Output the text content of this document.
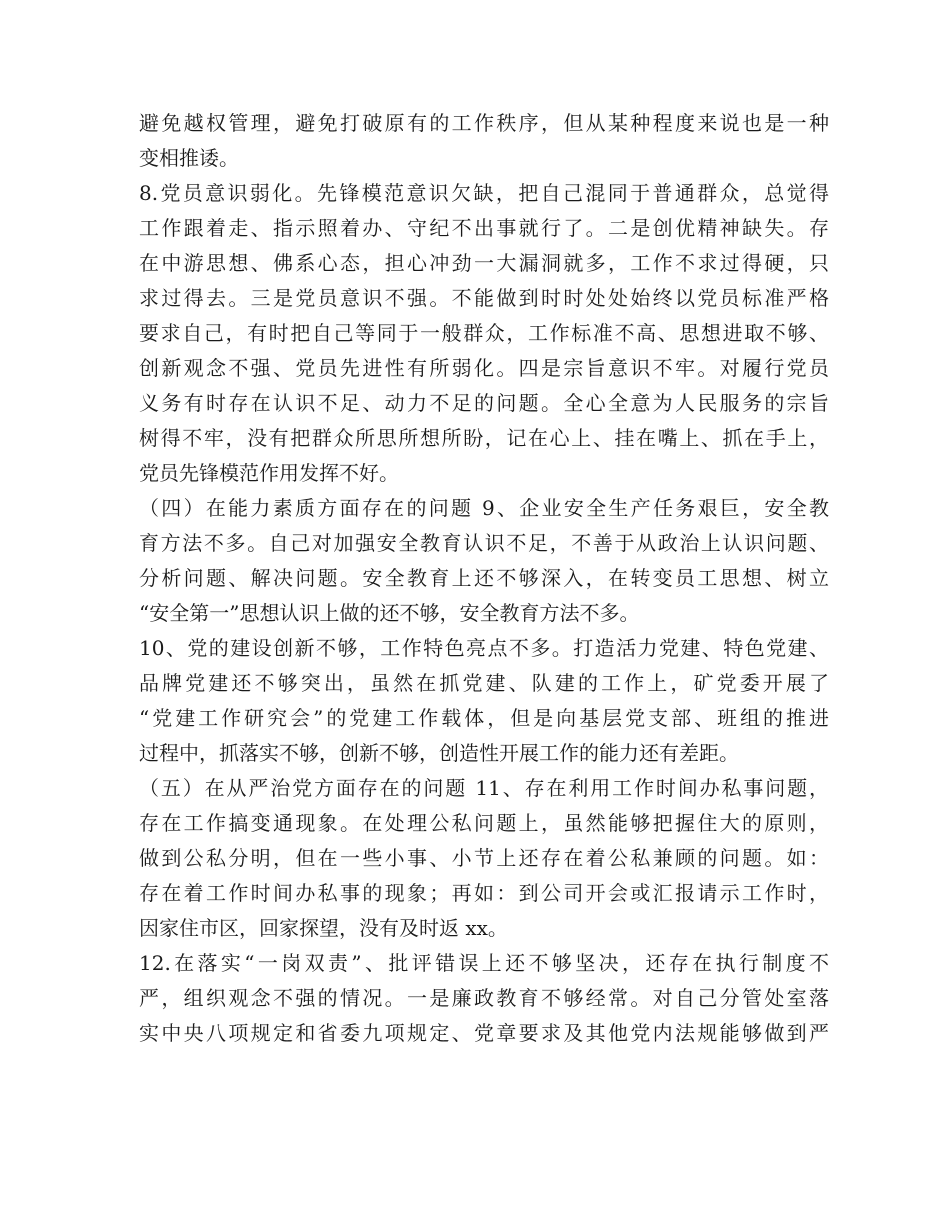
避免越权管理，避免打破原有的工作秩序，但从某种程度来说也是一种
变相推诿。
8.党员意识弱化。先锋模范意识欠缺，把自己混同于普通群众，总觉得
工作跟着走、指示照着办、守纪不出事就行了。二是创优精神缺失。存
在中游思想、佛系心态，担心冲劲一大漏洞就多，工作不求过得硬，只
求过得去。三是党员意识不强。不能做到时时处处始终以党员标准严格
要求自己，有时把自己等同于一般群众，工作标准不高、思想进取不够、
创新观念不强、党员先进性有所弱化。四是宗旨意识不牢。对履行党员
义务有时存在认识不足、动力不足的问题。全心全意为人民服务的宗旨
树得不牢，没有把群众所思所想所盼，记在心上、挂在嘴上、抓在手上，
党员先锋模范作用发挥不好。
（四）在能力素质方面存在的问题 9、企业安全生产任务艰巨，安全教
育方法不多。自己对加强安全教育认识不足，不善于从政治上认识问题、
分析问题、解决问题。安全教育上还不够深入，在转变员工思想、树立
“安全第一”思想认识上做的还不够，安全教育方法不多。
10、党的建设创新不够，工作特色亮点不多。打造活力党建、特色党建、
品牌党建还不够突出，虽然在抓党建、队建的工作上，矿党委开展了
“党建工作研究会”的党建工作载体，但是向基层党支部、班组的推进
过程中，抓落实不够，创新不够，创造性开展工作的能力还有差距。
（五）在从严治党方面存在的问题 11、存在利用工作时间办私事问题，
存在工作搞变通现象。在处理公私问题上，虽然能够把握住大的原则，
做到公私分明，但在一些小事、小节上还存在着公私兼顾的问题。如：
存在着工作时间办私事的现象；再如：到公司开会或汇报请示工作时，
因家住市区，回家探望，没有及时返 xx。
12.在落实“一岗双责”、批评错误上还不够坚决，还存在执行制度不
严，组织观念不强的情况。一是廉政教育不够经常。对自己分管处室落
实中央八项规定和省委九项规定、党章要求及其他党内法规能够做到严
